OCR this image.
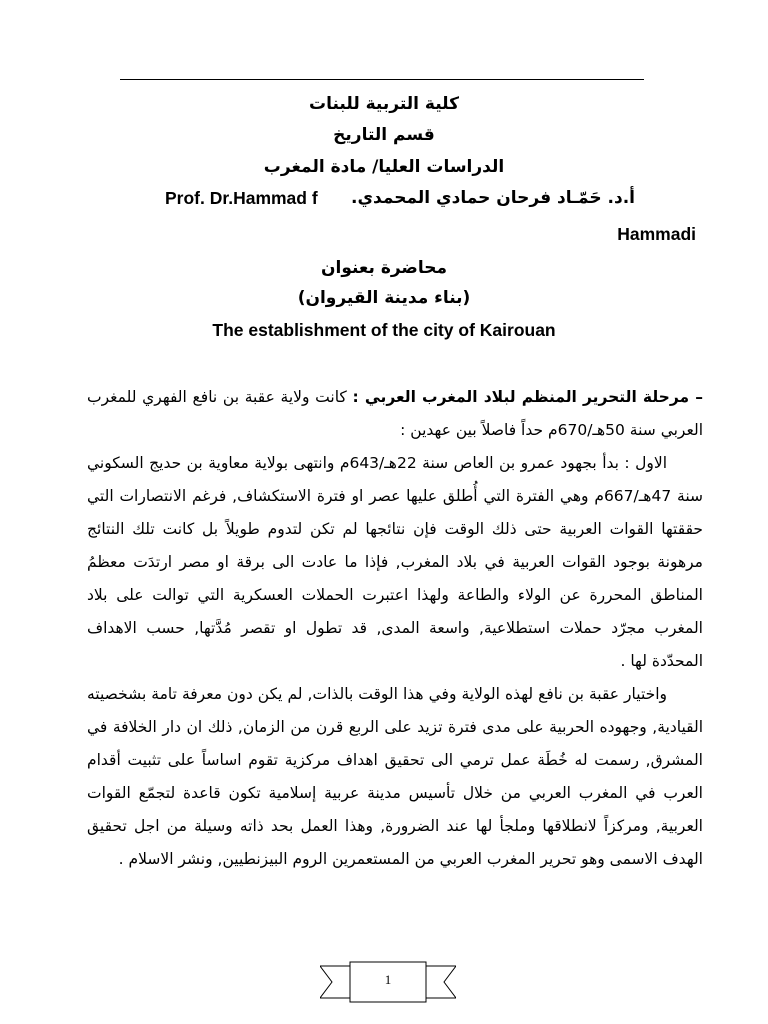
كلية التربية للبنات
قسم التاريخ
الدراسات العليا/ مادة المغرب
Prof. Dr.Hammad f أ.د. حَمّـاد فرحان حمادي المحمدي.
Hammadi
محاضرة بعنوان
(بناء مدينة القيروان)
The establishment of the city of Kairouan

– مرحلة التحرير المنظم لبلاد المغرب العربي : كانت ولاية عقبة بن نافع الفهري للمغرب العربي سنة 50هـ/670م حداً فاصلاً بين عهدين :

الاول : بدأ بجهود عمرو بن العاص سنة 22هـ/643م وانتهى بولاية معاوية بن حديج السكوني سنة 47هـ/667م وهي الفترة التي أُطلق عليها عصر او فترة الاستكشاف, فرغم الانتصارات التي حققتها القوات العربية حتى ذلك الوقت فإن نتائجها لم تكن لتدوم طويلاً بل كانت تلك النتائج مرهونة بوجود القوات العربية في بلاد المغرب, فإذا ما عادت الى برقة او مصر ارتدَت معظمُ المناطق المحررة عن الولاء والطاعة ولهذا اعتبرت الحملات العسكرية التي توالت على بلاد المغرب مجرّد حملات استطلاعية, واسعة المدى, قد تطول او تقصر مُدَّتها, حسب الاهداف المحدّدة لها .

واختيار عقبة بن نافع لهذه الولاية وفي هذا الوقت بالذات, لم يكن دون معرفة تامة بشخصيته القيادية, وجهوده الحربية على مدى فترة تزيد على الربع قرن من الزمان, ذلك ان دار الخلافة في المشرق, رسمت له خُطَة عمل ترمي الى تحقيق اهداف مركزية تقوم اساساً على تثبيت أقدام العرب في المغرب العربي من خلال تأسيس مدينة عربية إسلامية تكون قاعدة لتجمّع القوات العربية, ومركزاً لانطلاقها وملجأ لها عند الضرورة, وهذا العمل بحد ذاته وسيلة من اجل تحقيق الهدف الاسمى وهو تحرير المغرب العربي من المستعمرين الروم البيزنطيين, ونشر الاسلام .

1
